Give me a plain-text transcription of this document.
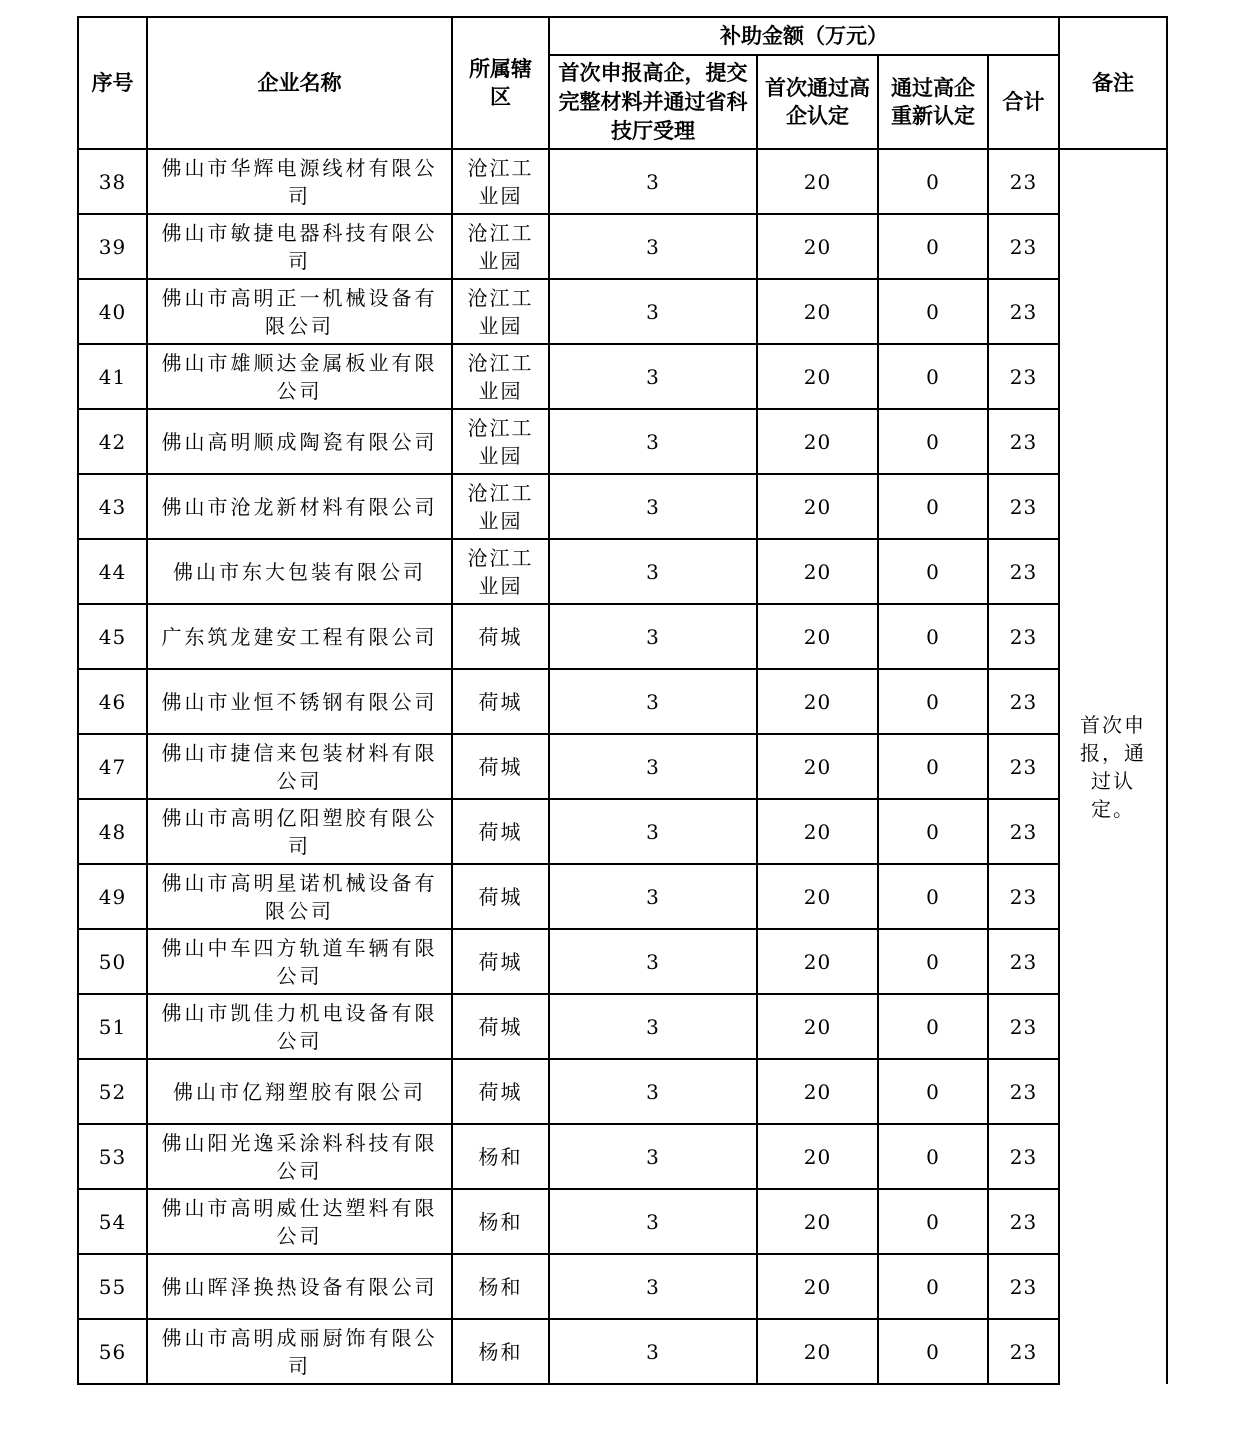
序号	企业名称	所属辖区	补助金额（万元）				备注
			首次申报高企，提交完整材料并通过省科技厅受理	首次通过高企认定	通过高企重新认定	合计	
38	佛山市华辉电源线材有限公司	沧江工业园	3	20	0	23	首次申报，通过认定。

39	佛山市敏捷电器科技有限公司	沧江工业园	3	20	0	23	
40	佛山市高明正一机械设备有限公司	沧江工业园	3	20	0	23	
41	佛山市雄顺达金属板业有限公司	沧江工业园	3	20	0	23	
42	佛山高明顺成陶瓷有限公司	沧江工业园	3	20	0	23	
43	佛山市沧龙新材料有限公司	沧江工业园	3	20	0	23	
44	佛山市东大包装有限公司	沧江工业园	3	20	0	23	
45	广东筑龙建安工程有限公司	荷城	3	20	0	23	
46	佛山市业恒不锈钢有限公司	荷城	3	20	0	23	
47	佛山市捷信来包装材料有限公司	荷城	3	20	0	23	
48	佛山市高明亿阳塑胶有限公司	荷城	3	20	0	23	
49	佛山市高明星诺机械设备有限公司	荷城	3	20	0	23	
50	佛山中车四方轨道车辆有限公司	荷城	3	20	0	23	
51	佛山市凯佳力机电设备有限公司	荷城	3	20	0	23	
52	佛山市亿翔塑胶有限公司	荷城	3	20	0	23	
53	佛山阳光逸采涂料科技有限公司	杨和	3	20	0	23	
54	佛山市高明威仕达塑料有限公司	杨和	3	20	0	23	
55	佛山晖泽换热设备有限公司	杨和	3	20	0	23	
56	佛山市高明成丽厨饰有限公司	杨和	3	20	0	23	
